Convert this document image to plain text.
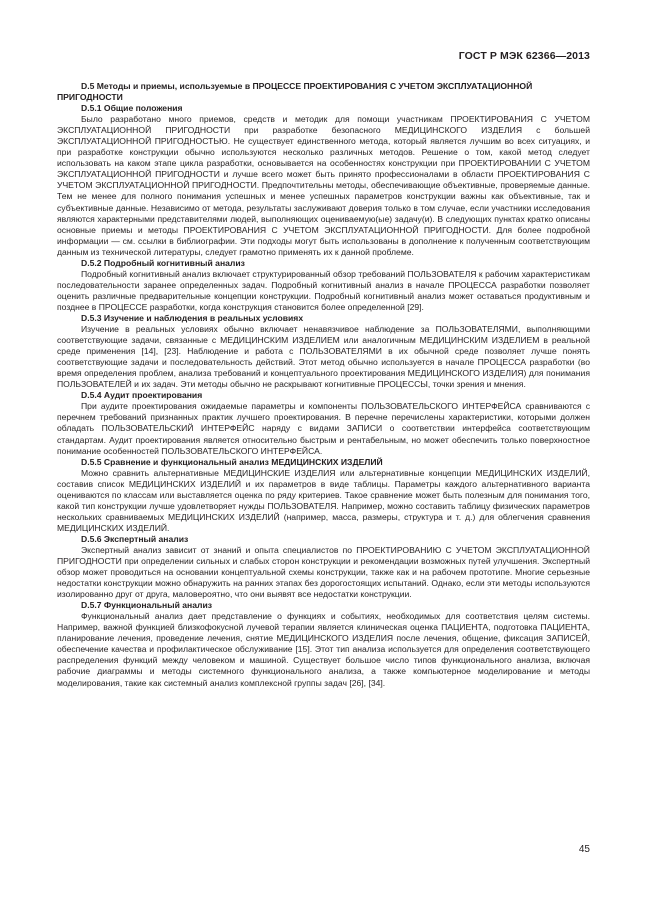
ГОСТ Р МЭК 62366—2013
D.5 Методы и приемы, используемые в ПРОЦЕССЕ ПРОЕКТИРОВАНИЯ С УЧЕТОМ ЭКСПЛУАТАЦИОННОЙ ПРИГОДНОСТИ
D.5.1 Общие положения

Было разработано много приемов, средств и методик для помощи участникам ПРОЕКТИРОВАНИЯ С УЧЕТОМ ЭКСПЛУАТАЦИОННОЙ ПРИГОДНОСТИ при разработке безопасного МЕДИЦИНСКОГО ИЗДЕЛИЯ с большей ЭКСПЛУАТАЦИОННОЙ ПРИГОДНОСТЬЮ. Не существует единственного метода, который является лучшим во всех ситуациях, и при разработке конструкции обычно используются несколько различных методов. Решение о том, какой метод следует использовать на каком этапе цикла разработки, основывается на особенностях конструкции при ПРОЕКТИРОВАНИИ С УЧЕТОМ ЭКСПЛУАТАЦИОННОЙ ПРИГОДНОСТИ и лучше всего может быть принято профессионалами в области ПРОЕКТИРОВАНИЯ С УЧЕТОМ ЭКСПЛУАТАЦИОННОЙ ПРИГОДНОСТИ. Предпочтительны методы, обеспечивающие объективные, проверяемые данные. Тем не менее для полного понимания успешных и менее успешных параметров конструкции важны как объективные, так и субъективные данные. Независимо от метода, результаты заслуживают доверия только в том случае, если участники исследования являются характерными представителями людей, выполняющих оцениваемую(ые) задачу(и). В следующих пунктах кратко описаны основные приемы и методы ПРОЕКТИРОВАНИЯ С УЧЕТОМ ЭКСПЛУАТАЦИОННОЙ ПРИГОДНОСТИ. Для более подробной информации — см. ссылки в библиографии. Эти подходы могут быть использованы в дополнение к полученным соответствующим данным из технической литературы, следует грамотно применять их к данной проблеме.

D.5.2 Подробный когнитивный анализ

Подробный когнитивный анализ включает структурированный обзор требований ПОЛЬЗОВАТЕЛЯ к рабочим характеристикам последовательности заранее определенных задач. Подробный когнитивный анализ в начале ПРОЦЕССА разработки позволяет оценить различные предварительные концепции конструкции. Подробный когнитивный анализ может оставаться продуктивным и позднее в ПРОЦЕССЕ разработки, когда конструкция становится более определенной [29].

D.5.3 Изучение и наблюдения в реальных условиях

Изучение в реальных условиях обычно включает ненавязчивое наблюдение за ПОЛЬЗОВАТЕЛЯМИ, выполняющими соответствующие задачи, связанные с МЕДИЦИНСКИМ ИЗДЕЛИЕМ или аналогичным МЕДИЦИНСКИМ ИЗДЕЛИЕМ в реальной среде применения [14], [23]. Наблюдение и работа с ПОЛЬЗОВАТЕЛЯМИ в их обычной среде позволяет лучше понять соответствующие задачи и последовательность действий. Этот метод обычно используется в начале ПРОЦЕССА разработки (во время определения проблем, анализа требований и концептуального проектирования МЕДИЦИНСКОГО ИЗДЕЛИЯ) для понимания ПОЛЬЗОВАТЕЛЕЙ и их задач. Эти методы обычно не раскрывают когнитивные ПРОЦЕССЫ, точки зрения и мнения.

D.5.4 Аудит проектирования

При аудите проектирования ожидаемые параметры и компоненты ПОЛЬЗОВАТЕЛЬСКОГО ИНТЕРФЕЙСА сравниваются с перечнем требований признанных практик лучшего проектирования. В перечне перечислены характеристики, которыми должен обладать ПОЛЬЗОВАТЕЛЬСКИЙ ИНТЕРФЕЙС наряду с видами ЗАПИСИ о соответствии интерфейса соответствующим стандартам. Аудит проектирования является относительно быстрым и рентабельным, но может обеспечить только поверхностное понимание особенностей ПОЛЬЗОВАТЕЛЬСКОГО ИНТЕРФЕЙСА.

D.5.5 Сравнение и функциональный анализ МЕДИЦИНСКИХ ИЗДЕЛИЙ

Можно сравнить альтернативные МЕДИЦИНСКИЕ ИЗДЕЛИЯ или альтернативные концепции МЕДИЦИНСКИХ ИЗДЕЛИЙ, составив список МЕДИЦИНСКИХ ИЗДЕЛИЙ и их параметров в виде таблицы. Параметры каждого альтернативного варианта оцениваются по классам или выставляется оценка по ряду критериев. Такое сравнение может быть полезным для понимания того, какой тип конструкции лучше удовлетворяет нужды ПОЛЬЗОВАТЕЛЯ. Например, можно составить таблицу физических параметров нескольких сравниваемых МЕДИЦИНСКИХ ИЗДЕЛИЙ (например, масса, размеры, структура и т. д.) для облегчения сравнения МЕДИЦИНСКИХ ИЗДЕЛИЙ.

D.5.6 Экспертный анализ

Экспертный анализ зависит от знаний и опыта специалистов по ПРОЕКТИРОВАНИЮ С УЧЕТОМ ЭКСПЛУАТАЦИОННОЙ ПРИГОДНОСТИ при определении сильных и слабых сторон конструкции и рекомендации возможных путей улучшения. Экспертный обзор может проводиться на основании концептуальной схемы конструкции, также как и на рабочем прототипе. Многие серьезные недостатки конструкции можно обнаружить на ранних этапах без дорогостоящих испытаний. Однако, если эти методы используются изолированно друг от друга, маловероятно, что они выявят все недостатки конструкции.

D.5.7 Функциональный анализ

Функциональный анализ дает представление о функциях и событиях, необходимых для соответствия целям системы. Например, важной функцией близкофокусной лучевой терапии является клиническая оценка ПАЦИЕНТА, подготовка ПАЦИЕНТА, планирование лечения, проведение лечения, снятие МЕДИЦИНСКОГО ИЗДЕЛИЯ после лечения, общение, фиксация ЗАПИСЕЙ, обеспечение качества и профилактическое обслуживание [15]. Этот тип анализа используется для определения соответствующего распределения функций между человеком и машиной. Существует большое число типов функционального анализа, включая рабочие диаграммы и методы системного функционального анализа, а также компьютерное моделирование и методы моделирования, такие как системный анализ комплексной группы задач [26], [34].

45
